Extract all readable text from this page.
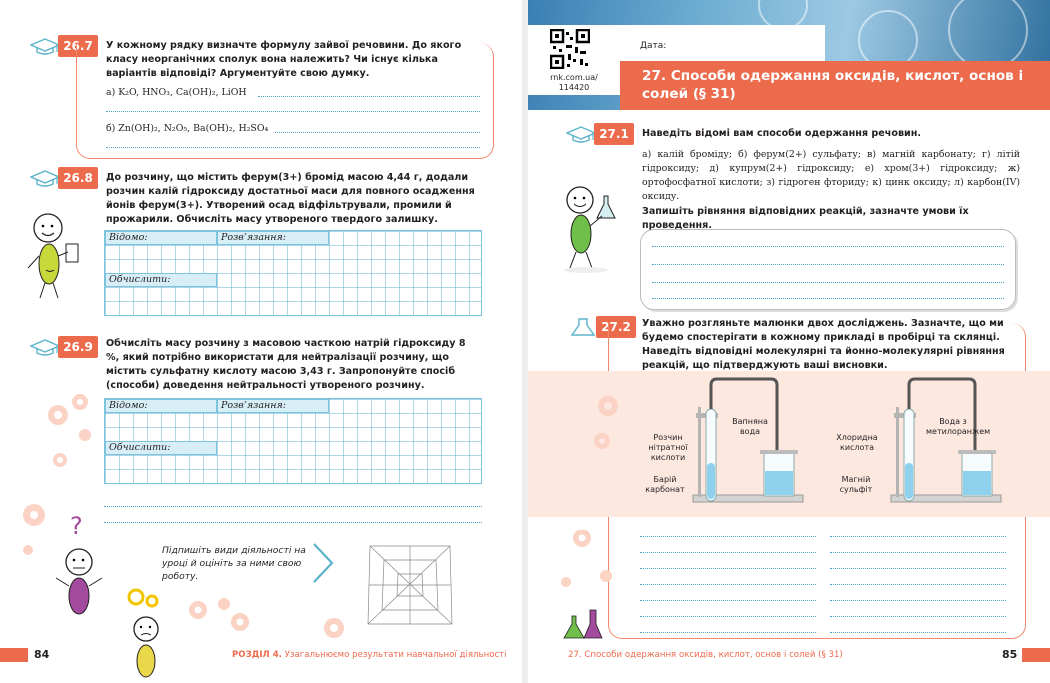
26.7	У кожному рядку визначте формулу зайвої речовини. До якого класу неорганічних сполук вона належить? Чи існує кілька варіантів відповіді? Аргументуйте свою думку.
а) K₂O, HNO₃, Ca(OH)₂, LiOH
б) Zn(OH)₂, N₂O₅, Ba(OH)₂, H₂SO₄
26.8	До розчину, що містить ферум(3+) бромід масою 4,44 г, додали розчин калій гідроксиду достатньої маси для повного осадження йонів ферум(3+). Утворений осад відфільтрували, промили й прожарили. Обчисліть масу утвореного твердого залишку.
Відомо:	Розв’язання:
Обчислити:
26.9	Обчисліть масу розчину з масовою часткою натрій гідроксиду 8 %, який потрібно використати для нейтралізації розчину, що містить сульфатну кислоту масою 3,43 г. Запропонуйте спосіб (способи) доведення нейтральності утвореного розчину.
Відомо:	Розв’язання:
Обчислити:
?
Підпишіть види діяльності на уроці й оцініть за ними свою роботу.
84	РОЗДІЛ 4. Узагальнюємо результати навчальної діяльності
rnk.com.ua/
114420
Дата:
27. Способи одержання оксидів, кислот, основ і солей (§ 31)
27.1	Наведіть відомі вам способи одержання речовин.
а) калій броміду; б) ферум(2+) сульфату; в) магній карбонату; г) літій гідроксиду; д) купрум(2+) гідроксиду; е) хром(3+) гідроксиду; ж) ортофосфатної кислоти; з) гідроген фториду; к) цинк оксиду; л) карбон(IV) оксиду.
Запишіть рівняння відповідних реакцій, зазначте умови їх проведення.
27.2	Уважно розгляньте малюнки двох досліджень. Зазначте, що ми будемо спостерігати в кожному прикладі в пробірці та склянці. Наведіть відповідні молекулярні та йонно-молекулярні рівняння реакцій, що підтверджують ваші висновки.
Розчин нітратної кислоти
Барій карбонат
Вапняна вода
Хлоридна кислота
Магній сульфіт
Вода з метилоранжем
27. Способи одержання оксидів, кислот, основ і солей (§ 31)	85
